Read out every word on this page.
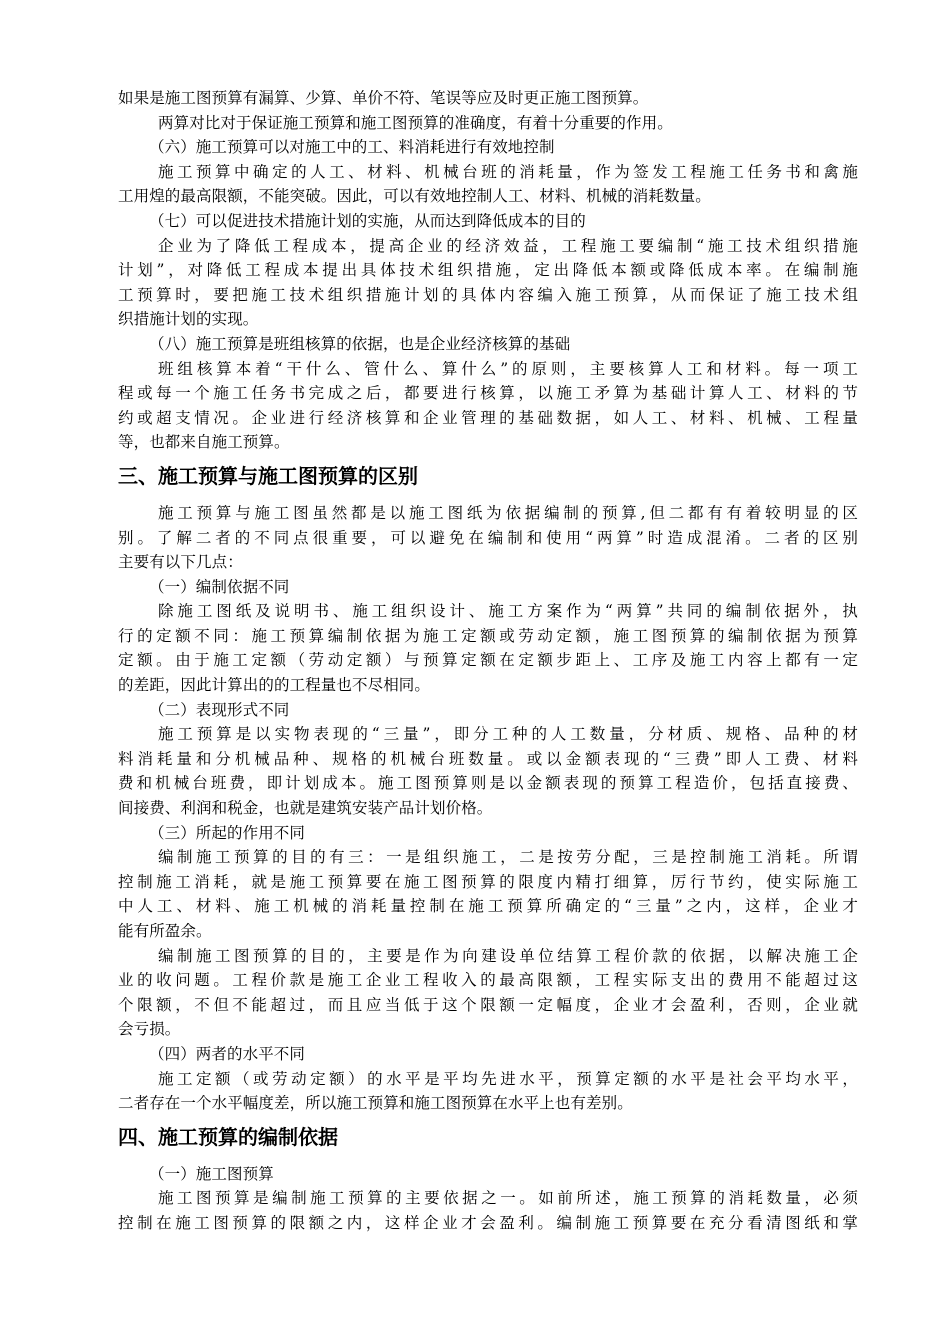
如果是施工图预算有漏算、少算、单价不符、笔误等应及时更正施工图预算。

两算对比对于保证施工预算和施工图预算的准确度，有着十分重要的作用。

（六）施工预算可以对施工中的工、料消耗进行有效地控制

施工预算中确定的人工、材料、机械台班的消耗量，作为签发工程施工任务书和禽施

工用煌的最高限额，不能突破。因此，可以有效地控制人工、材料、机械的消耗数量。

（七）可以促进技术措施计划的实施，从而达到降低成本的目的

企业为了降低工程成本，提高企业的经济效益，工程施工要编制“施工技术组织措施

计划”，对降低工程成本提出具体技术组织措施，定出降低本额或降低成本率。在编制施

工预算时，要把施工技术组织措施计划的具体内容编入施工预算，从而保证了施工技术组

织措施计划的实现。

（八）施工预算是班组核算的依据，也是企业经济核算的基础

班组核算本着“干什么、管什么、算什么”的原则，主要核算人工和材料。每一项工

程或每一个施工任务书完成之后，都要进行核算，以施工矛算为基础计算人工、材料的节

约或超支情况。企业进行经济核算和企业管理的基础数据，如人工、材料、机械、工程量

等，也都来自施工预算。

三、施工预算与施工图预算的区别

施工预算与施工图虽然都是以施工图纸为依据编制的预算,但二都有有着较明显的区

别。了解二者的不同点很重要，可以避免在编制和使用“两算”时造成混淆。二者的区别

主要有以下几点：

（一）编制依据不同

除施工图纸及说明书、施工组织设计、施工方案作为“两算”共同的编制依据外，执

行的定额不同：施工预算编制依据为施工定额或劳动定额，施工图预算的编制依据为预算

定额。由于施工定额（劳动定额）与预算定额在定额步距上、工序及施工内容上都有一定

的差距，因此计算出的的工程量也不尽相同。

（二）表现形式不同

施工预算是以实物表现的“三量”，即分工种的人工数量，分材质、规格、品种的材

料消耗量和分机械品种、规格的机械台班数量。或以金额表现的“三费”即人工费、材料

费和机械台班费，即计划成本。施工图预算则是以金额表现的预算工程造价，包括直接费、

间接费、利润和税金，也就是建筑安装产品计划价格。

（三）所起的作用不同

编制施工预算的目的有三：一是组织施工，二是按劳分配，三是控制施工消耗。所谓

控制施工消耗，就是施工预算要在施工图预算的限度内精打细算，厉行节约，使实际施工

中人工、材料、施工机械的消耗量控制在施工预算所确定的“三量”之内，这样，企业才

能有所盈余。

编制施工图预算的目的，主要是作为向建设单位结算工程价款的依据，以解决施工企

业的收问题。工程价款是施工企业工程收入的最高限额，工程实际支出的费用不能超过这

个限额，不但不能超过，而且应当低于这个限额一定幅度，企业才会盈利，否则，企业就

会亏损。

（四）两者的水平不同

施工定额（或劳动定额）的水平是平均先进水平，预算定额的水平是社会平均水平，

二者存在一个水平幅度差，所以施工预算和施工图预算在水平上也有差别。

四、施工预算的编制依据

（一）施工图预算

施工图预算是编制施工预算的主要依据之一。如前所述，施工预算的消耗数量，必须

控制在施工图预算的限额之内，这样企业才会盈利。编制施工预算要在充分看清图纸和掌
